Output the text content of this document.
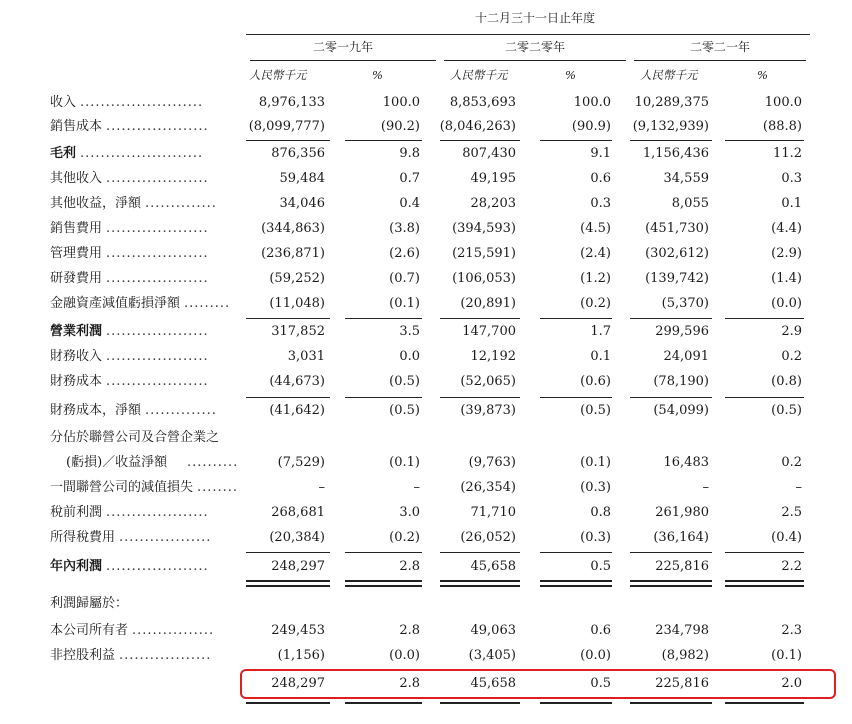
十二月三十一日止年度
二零一九年	二零二零年	二零二一年
人民幣千元	%	人民幣千元	%	人民幣千元	%
收入 ........................	8,976,133	100.0	8,853,693	100.0	10,289,375	100.0
銷售成本 ....................	(8,099,777)	(90.2)	(8,046,263)	(90.9)	(9,132,939)	(88.8)
毛利 ........................	876,356	9.8	807,430	9.1	1,156,436	11.2
其他收入 ....................	59,484	0.7	49,195	0.6	34,559	0.3
其他收益，淨額 ..............	34,046	0.4	28,203	0.3	8,055	0.1
銷售費用 ....................	(344,863)	(3.8)	(394,593)	(4.5)	(451,730)	(4.4)
管理費用 ....................	(236,871)	(2.6)	(215,591)	(2.4)	(302,612)	(2.9)
研發費用 ....................	(59,252)	(0.7)	(106,053)	(1.2)	(139,742)	(1.4)
金融資產減值虧損淨額 .........	(11,048)	(0.1)	(20,891)	(0.2)	(5,370)	(0.0)
營業利潤 ....................	317,852	3.5	147,700	1.7	299,596	2.9
財務收入 ....................	3,031	0.0	12,192	0.1	24,091	0.2
財務成本 ....................	(44,673)	(0.5)	(52,065)	(0.6)	(78,190)	(0.8)
財務成本，淨額 ..............	(41,642)	(0.5)	(39,873)	(0.5)	(54,099)	(0.5)
分佔於聯營公司及合營企業之
(虧損)／收益淨額 ..........	(7,529)	(0.1)	(9,763)	(0.1)	16,483	0.2
一間聯營公司的減值損失 ........	–	–	(26,354)	(0.3)	–	–
稅前利潤 ....................	268,681	3.0	71,710	0.8	261,980	2.5
所得稅費用 ..................	(20,384)	(0.2)	(26,052)	(0.3)	(36,164)	(0.4)
年內利潤 ....................	248,297	2.8	45,658	0.5	225,816	2.2
利潤歸屬於：
本公司所有者 ................	249,453	2.8	49,063	0.6	234,798	2.3
非控股利益 ..................	(1,156)	(0.0)	(3,405)	(0.0)	(8,982)	(0.1)
248,297	2.8	45,658	0.5	225,816	2.0
